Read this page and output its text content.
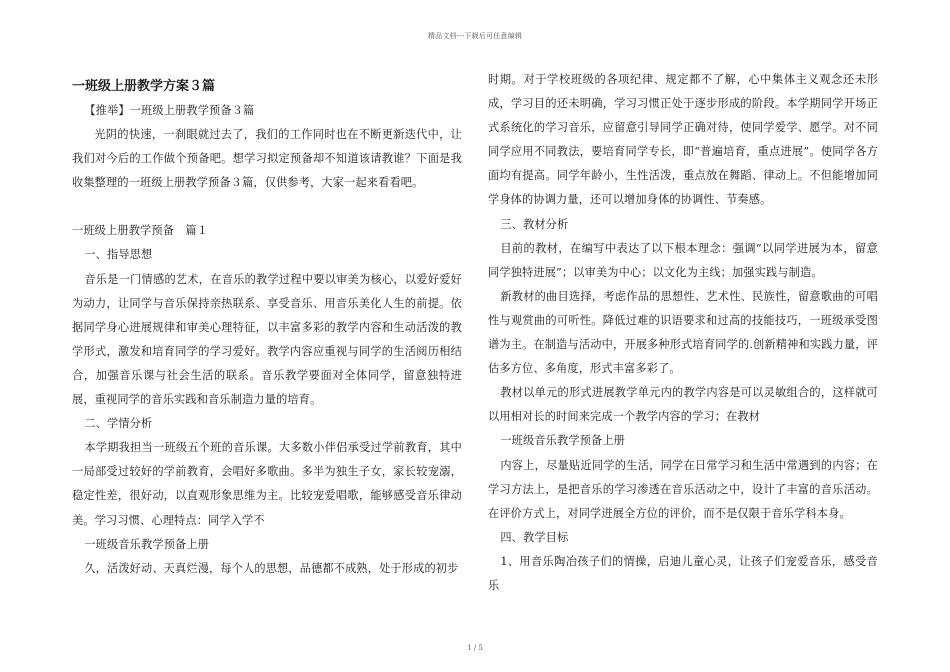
精品文档---下载后可任意编辑
一班级上册教学方案３篇

【推举】一班级上册教学预备３篇

光阴的快速，一刹眼就过去了，我们的工作同时也在不断更新迭代中，让我们对今后的工作做个预备吧。想学习拟定预备却不知道该请教谁？下面是我收集整理的一班级上册教学预备３篇，仅供参考，大家一起来看看吧。

一班级上册教学预备　篇１

一、指导思想

音乐是一门情感的艺术，在音乐的教学过程中要以审美为核心，以爱好爱好为动力，让同学与音乐保持亲热联系、享受音乐、用音乐美化人生的前提。依据同学身心进展规律和审美心理特征，以丰富多彩的教学内容和生动活泼的教学形式，激发和培育同学的学习爱好。教学内容应重视与同学的生活阅历相结合，加强音乐课与社会生活的联系。音乐教学要面对全体同学，留意独特进展，重视同学的音乐实践和音乐制造力量的培育。

二、学情分析

本学期我担当一班级五个班的音乐课。大多数小伴侣承受过学前教育，其中一局部受过较好的学前教育，会唱好多歌曲。多半为独生子女，家长较宠溺，稳定性差，很好动，以直观形象思维为主。比较宠爱唱歌，能够感受音乐律动美。学习习惯、心理特点：同学入学不

一班级音乐教学预备上册

久，活泼好动、天真烂漫，每个人的思想，品德都不成熟，处于形成的初步

时期。对于学校班级的各项纪律、规定都不了解，心中集体主义观念还未形成，学习目的还未明确，学习习惯正处于逐步形成的阶段。本学期同学开场正式系统化的学习音乐，应留意引导同学正确对待，使同学爱学、愿学。对不同同学应用不同教法，要培育同学专长，即“普遍培育，重点进展”。使同学各方面均有提高。同学年龄小，生性活泼，重点放在舞蹈、律动上。不但能增加同学身体的协调力量，还可以增加身体的协调性、节奏感。

三、教材分析

目前的教材，在编写中表达了以下根本理念：强调“以同学进展为本，留意同学独特进展”；以审美为中心；以文化为主线；加强实践与制造。

新教材的曲目选择，考虑作品的思想性、艺术性、民族性，留意歌曲的可唱性与观赏曲的可听性。降低过难的识语要求和过高的技能技巧，一班级承受图谱为主。在制造与活动中，开展多种形式培育同学的.创新精神和实践力量，评估多方位、多角度，形式丰富多彩了。

教材以单元的形式进展教学单元内的教学内容是可以灵敏组合的，这样就可以用相对长的时间来完成一个教学内容的学习；在教材

一班级音乐教学预备上册

内容上，尽量贴近同学的生活，同学在日常学习和生活中常遇到的内容；在学习方法上，是把音乐的学习渗透在音乐活动之中，设计了丰富的音乐活动。在评价方式上，对同学进展全方位的评价，而不是仅限于音乐学科本身。

四、教学目标

1、用音乐陶冶孩子们的情操，启迪儿童心灵，让孩子们宠爱音乐，感受音乐

1 / 5
